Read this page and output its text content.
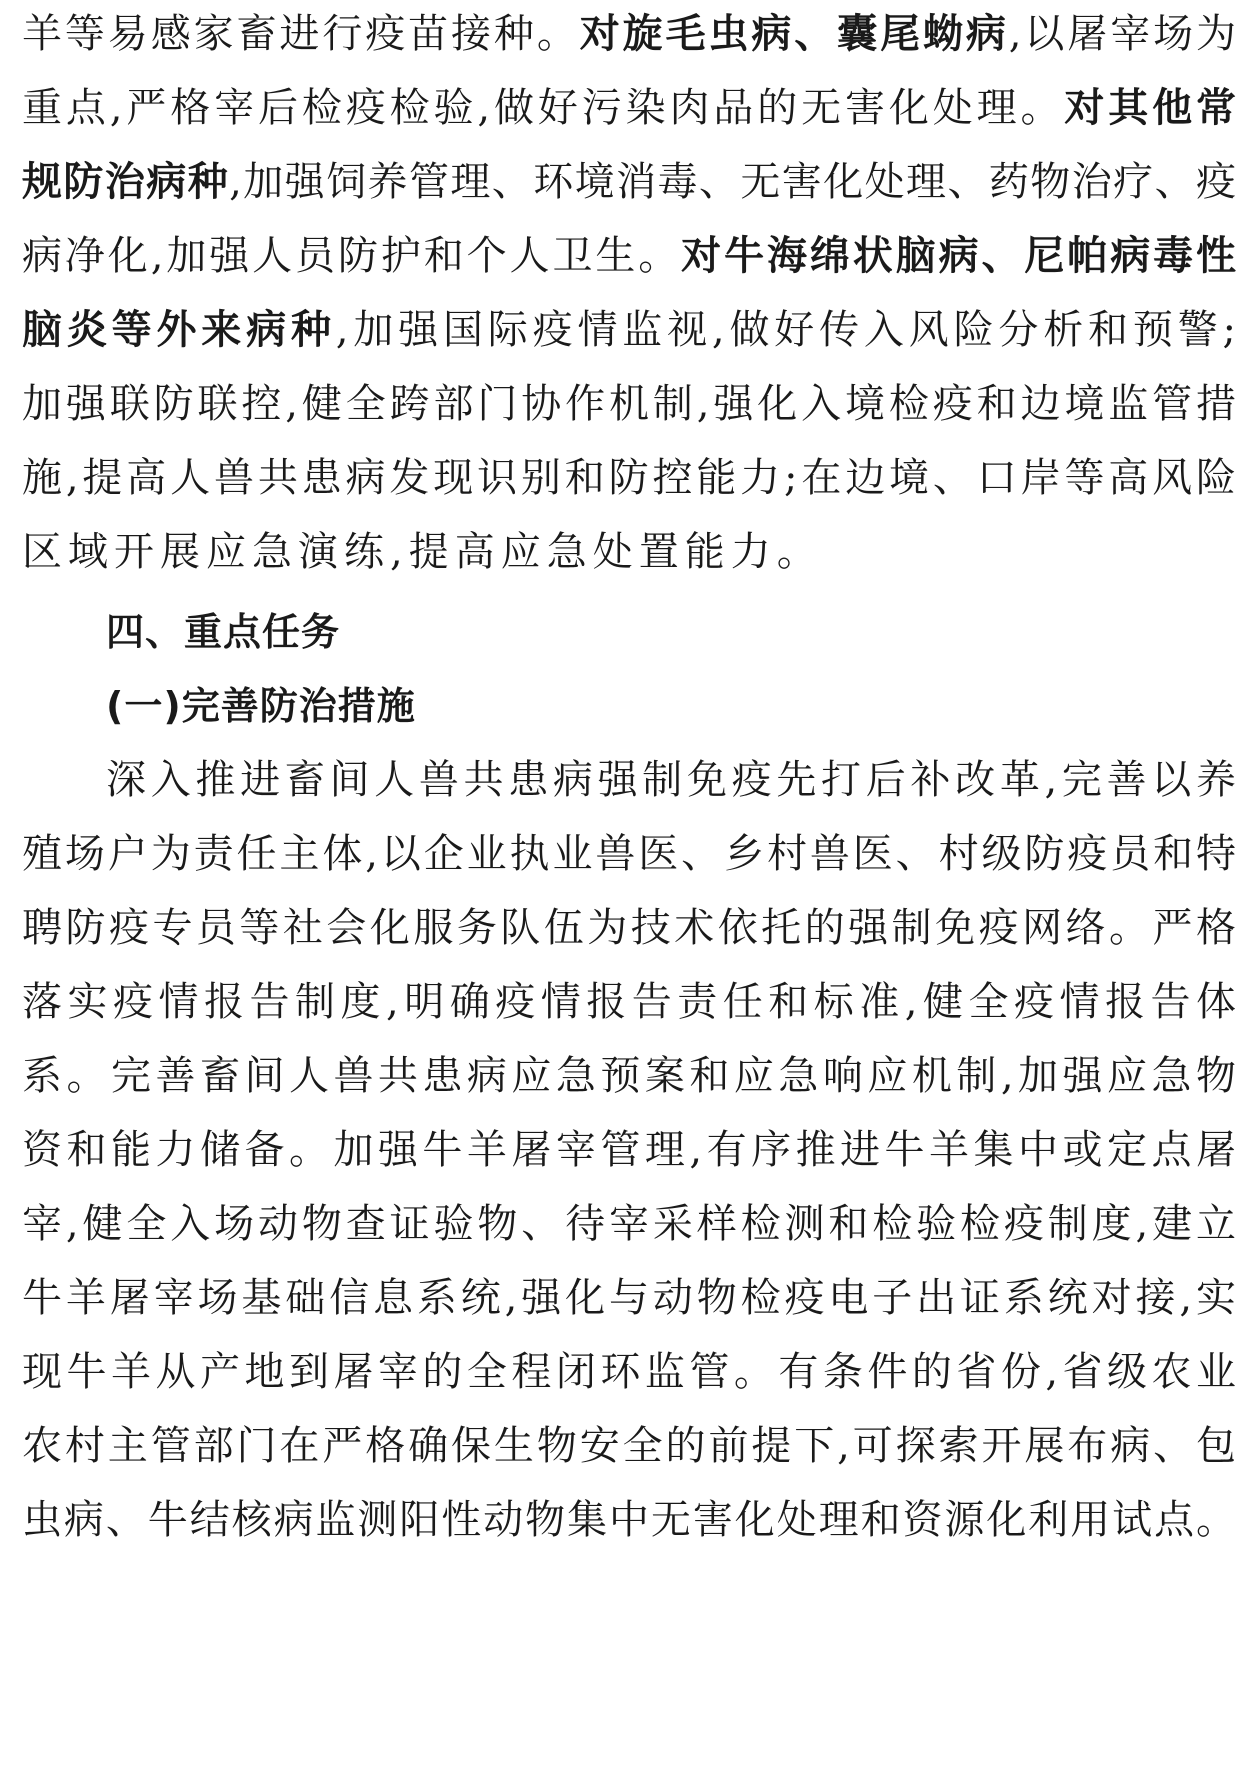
羊等易感家畜进行疫苗接种。对旋毛虫病、囊尾蚴病,以屠宰场为
重点,严格宰后检疫检验,做好污染肉品的无害化处理。对其他常
规防治病种,加强饲养管理、环境消毒、无害化处理、药物治疗、疫
病净化,加强人员防护和个人卫生。对牛海绵状脑病、尼帕病毒性
脑炎等外来病种,加强国际疫情监视,做好传入风险分析和预警;
加强联防联控,健全跨部门协作机制,强化入境检疫和边境监管措
施,提高人兽共患病发现识别和防控能力;在边境、口岸等高风险
区域开展应急演练,提高应急处置能力。
四、重点任务
(一)完善防治措施
深入推进畜间人兽共患病强制免疫先打后补改革,完善以养
殖场户为责任主体,以企业执业兽医、乡村兽医、村级防疫员和特
聘防疫专员等社会化服务队伍为技术依托的强制免疫网络。严格
落实疫情报告制度,明确疫情报告责任和标准,健全疫情报告体
系。完善畜间人兽共患病应急预案和应急响应机制,加强应急物
资和能力储备。加强牛羊屠宰管理,有序推进牛羊集中或定点屠
宰,健全入场动物查证验物、待宰采样检测和检验检疫制度,建立
牛羊屠宰场基础信息系统,强化与动物检疫电子出证系统对接,实
现牛羊从产地到屠宰的全程闭环监管。有条件的省份,省级农业
农村主管部门在严格确保生物安全的前提下,可探索开展布病、包
虫病、牛结核病监测阳性动物集中无害化处理和资源化利用试点。
